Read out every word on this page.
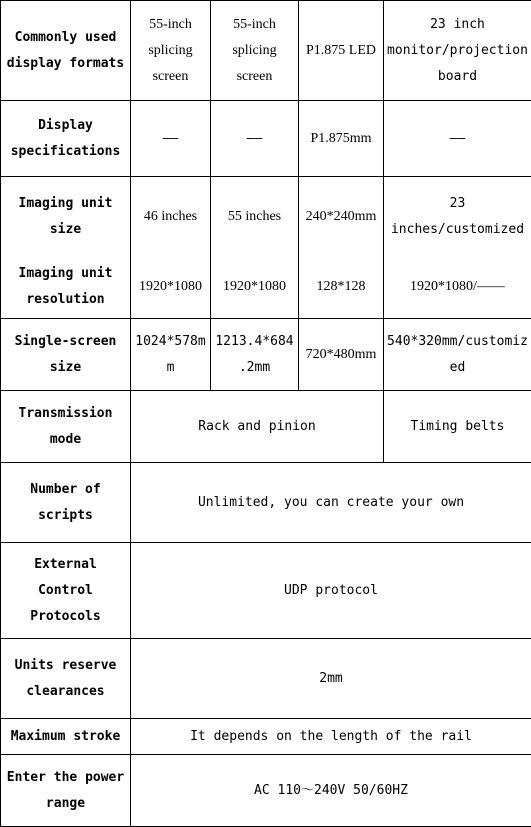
Commonly used display formats	55-inch splicing screen	55-inch splicing screen	P1.875 LED	23 inch monitor/projection board
Display specifications	——	——	P1.875mm	——
Imaging unit size	46 inches	55 inches	240*240mm	23 inches/customized
Imaging unit resolution	1920*1080	1920*1080	128*128	1920*1080/——
Single-screen size	1024*578mm	1213.4*684.2mm	720*480mm	540*320mm/customized
Transmission mode	Rack and pinion			Timing belts
Number of scripts	Unlimited, you can create your own			
External Control Protocols	UDP protocol			
Units reserve clearances	2mm			
Maximum stroke	It depends on the length of the rail			
Enter the power range	AC 110～240V 50/60HZ			
